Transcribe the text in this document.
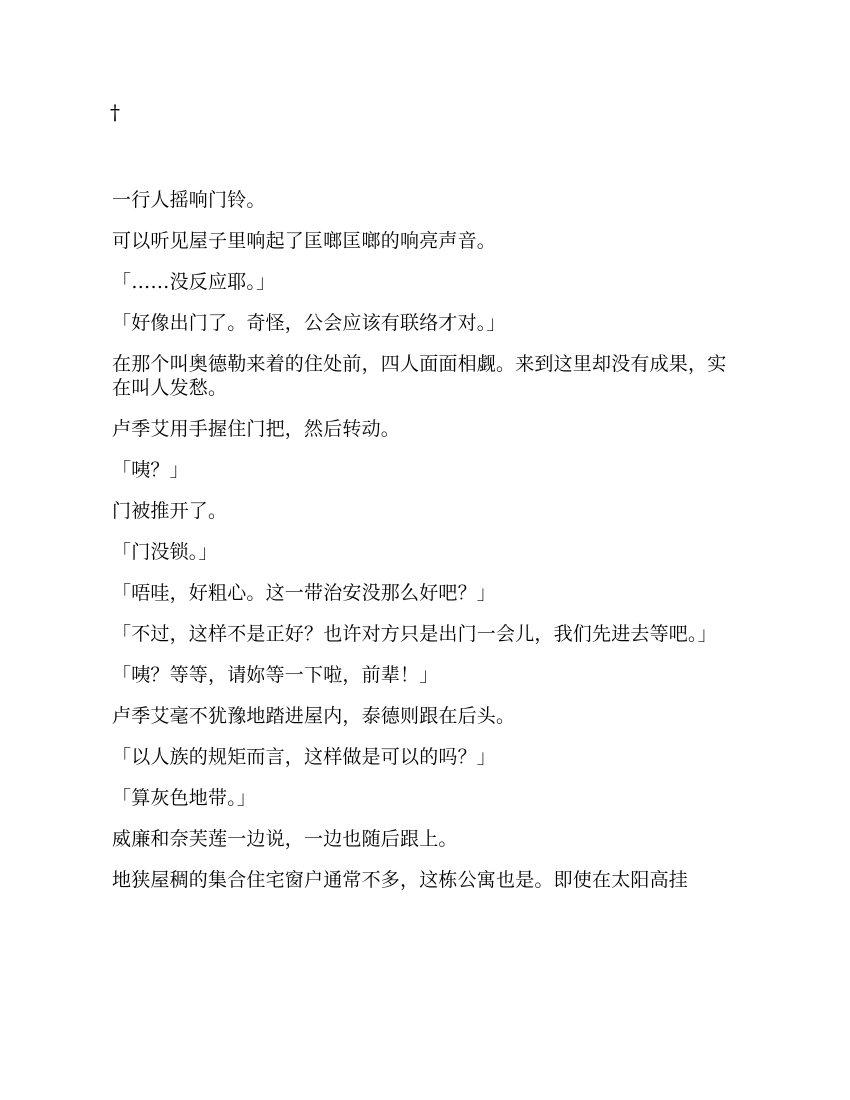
†

一行人摇响门铃。

可以听见屋子里响起了匡啷匡啷的响亮声音。

「……没反应耶。」

「好像出门了。奇怪，公会应该有联络才对。」

在那个叫奥德勒来着的住处前，四人面面相觑。来到这里却没有成果，实在叫人发愁。

卢季艾用手握住门把，然后转动。

「咦？」

门被推开了。

「门没锁。」

「唔哇，好粗心。这一带治安没那么好吧？」

「不过，这样不是正好？也许对方只是出门一会儿，我们先进去等吧。」

「咦？等等，请妳等一下啦，前辈！」

卢季艾毫不犹豫地踏进屋内，泰德则跟在后头。

「以人族的规矩而言，这样做是可以的吗？」

「算灰色地带。」

威廉和奈芙莲一边说，一边也随后跟上。

地狭屋稠的集合住宅窗户通常不多，这栋公寓也是。即使在太阳高挂
